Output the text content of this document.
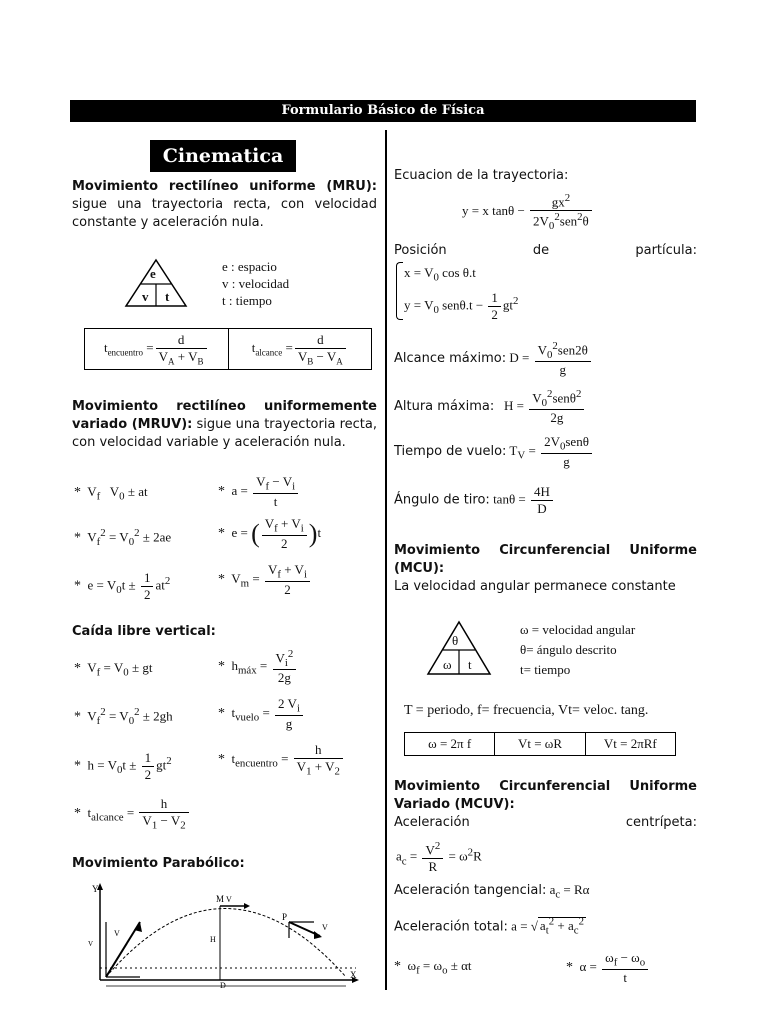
Formulario Básico de Física
Cinematica
Movimiento rectilíneo uniforme (MRU): sigue una trayectoria recta, con velocidad constante y aceleración nula.
e
v t
e : espacio
v : velocidad
t : tiempo
$t_{encuentro} = \frac{d}{V_A + V_B}$	$t_{alcance} = \frac{d}{V_B - V_A}$
Movimiento rectilíneo uniformemente variado (MRUV): sigue una trayectoria recta, con velocidad variable y aceleración nula.
*  $V_f$   $V_0$ ± at	*  $a = \frac{V_f - V_i}{t}$
*  $V_f^2 = V_0^2 \pm 2ae$	*  e = ( $\frac{V_f + V_i}{2} )t$
*  $e = V_0t \pm \frac{1}{2} at^2$	*  $V_m = \frac{V_f + V_i}{2}$
Caída libre vertical:
*  $V_f = V_0$ ± gt	*  $h_{máx} = \frac{V_i^2}{2g}$
*  $V_f^2 = V_0^2 \pm 2gh$	*  $t_{vuelo} = \frac{2 V_i}{g}$
*  $h = V_0t \pm \frac{1}{2} gt^2$	*  $t_{encuentro} = \frac{h}{V_1 + V_2}$
*  $t_{alcance} = \frac{h}{V_1 - V_2}$
Movimiento Parabólico:
Y
X
M V
H
D
P
V
V
V
Ecuacion de la trayectoria:
y = x $\tan\theta - \frac{gx^2}{2V_0^2sen^2\theta}$
Posición de partícula:
$x = V_0$ cos θ.t
$y = V_0$ $sen\theta.t - \frac{1}{2} gt^2$
Alcance máximo: $D = \frac{V_0^2sen2\theta}{g}$
Altura máxima:   $H = \frac{V_0^2sen\theta^2}{2g}$
Tiempo de vuelo: $T_V = \frac{2V_0sen\theta}{g}$
Ángulo de tiro: $\tan\theta = \frac{4H}{D}$
Movimiento Circunferencial Uniforme (MCU):
La velocidad angular permanece constante
θ
ω t
ω = velocidad angular
θ= ángulo descrito
t= tiempo
T = periodo, f= frecuencia, Vt= veloc. tang.
ω = 2π f	Vt = ωR	Vt = 2πRf
Movimiento Circunferencial Uniforme Variado (MCUV):
Aceleración centrípeta:
$a_c = \frac{V^2}{R} = \omega^2R$
Aceleración tangencial: $a_c = R\alpha$
Aceleración total: a = √ $a_t^2 + a_c^2$
*  $\omega_f = \omega_o \pm \alpha t$	*  $\alpha = \frac{\omega_f - \omega_o}{t}$
